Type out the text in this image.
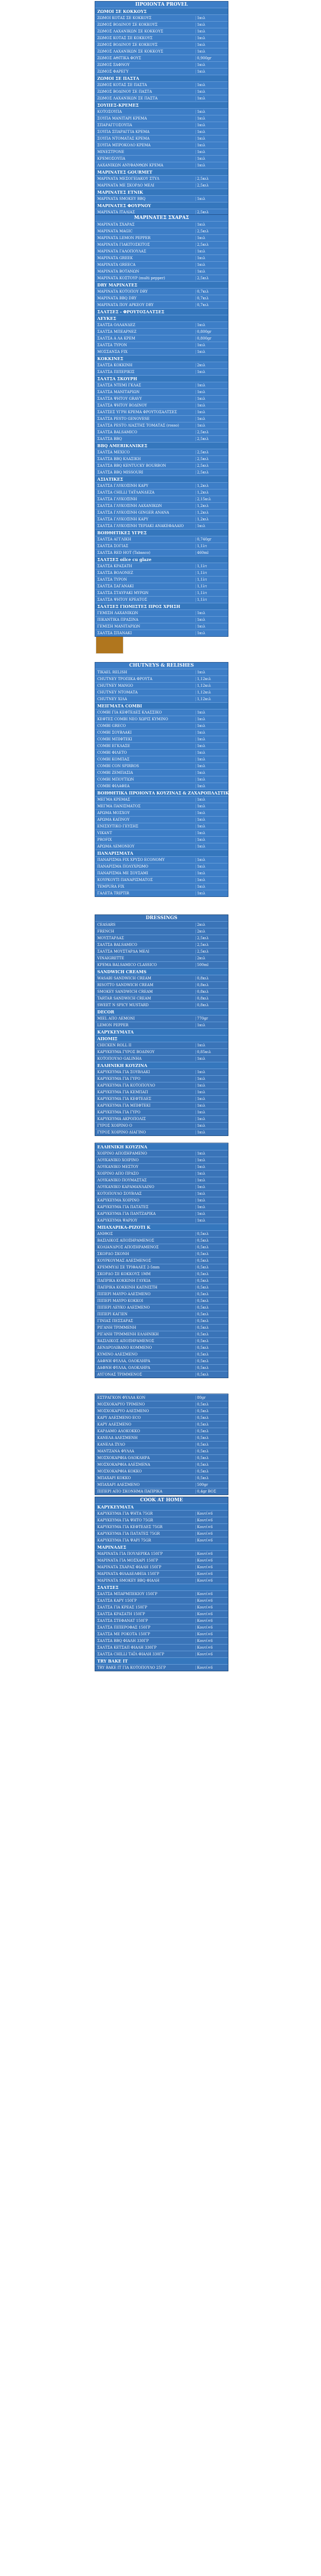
ΠΡΟΙΟΝΤΑ PROVEL
ΖΩΜΟΙ ΣΕ ΚΟΚΚΟΥΣ
ΖΩΜΟΙ ΚΟΤΑΣ ΣΕ ΚΟΚΚΟΥΣ	1κιλ
ΖΩΜΟΣ ΒΟΔΙΝΟΥ ΣΕ ΚΟΚΚΟΥΣ	1κιλ
ΖΩΜΟΣ ΛΑΧΑΝΙΚΩΝ ΣΕ ΚΟΚΚΟΥΣ	1κιλ
ΖΩΜΟΣ ΚΟΤΑΣ ΣΕ ΚΟΚΚΟΥΣ	1κιλ
ΖΩΜΟΣ ΒΟΔΙΝΟΥ ΣΕ ΚΟΚΚΟΥΣ	1κιλ
ΖΩΜΟΣ ΛΑΧΑΝΙΚΩΝ ΣΕ ΚΟΚΚΟΥΣ	1κιλ
ΖΩΜΟΣ ΑΘΙΤΙΚΑ ΦΟΥΣ	0,900gr
ΖΩΜΟΣ ΞΑΦΝΟΥ	1κιλ
ΖΩΜΟΣ ΦΑΡΕΓΥ	1κιλ
ΖΩΜΟΙ ΣΕ ΠΑΣΤΑ
ΖΩΜΟΣ ΚΟΤΑΣ ΣΕ ΠΑΣΤΑ	1κιλ
ΖΩΜΟΣ ΒΟΔΙΝΟΥ ΣΕ ΠΑΣΤΑ	1κιλ
ΖΩΜΟΣ ΛΑΧΑΝΙΚΩΝ ΣΕ ΠΑΣΤΑ	1κιλ
ΣΟΥΠΕΣ-ΚΡΕΜΕΣ
ΚΟΤΟΣΟΥΠΑ	1κιλ
ΣΟΥΠΑ ΜΑΝΙΤΑΡΙ ΚΡΕΜΑ	1κιλ
ΣΠΑΡΑΓΓΟΣΟΥΠΑ	1κιλ
ΣΟΥΠΑ ΣΠΑΡΑΓΓΙΑ ΚΡΕΜΑ	1κιλ
ΣΟΥΠΑ ΝΤΟΜΑΤΑΣ ΚΡΕΜΑ	1κιλ
ΣΟΥΠΑ ΜΠΡΟΚΟΛΟ ΚΡΕΜΑ	1κιλ
ΜΙΝΕΣΤΡΟΝΕ	1κιλ
ΚΡΕΜΟΣΟΥΠΑ	1κιλ
ΛΑΧΑΝΙΚΩΝ ΑΝΥΦΑΝΘΩΝ ΚΡΕΜΑ	1κιλ
ΜΑΡΙΝΑΤΕΣ GOURMET
ΜΑΡΙΝΑΤΑ ΜΕΣΟΓΕΙΑΚΟΥ ΣΤΥΛ	2,5κιλ
ΜΑΡΙΝΑΤΑ ΜΕ ΣΚΟΡΔΟ ΜΕΛΙ	2,5κιλ
ΜΑΡΙΝΑΤΕΣ ΕΤΝΙΚ
ΜΑΡΙΝΑΤΑ SMOKEY BBQ	1κιλ
ΜΑΡΙΝΑΤΕΣ ΦΟΥΡΝΟΥ
ΜΑΡΙΝΑΤΑ ΙΤΑΛΙΑΣ	2,5κιλ
ΜΑΡΙΝΑΤΕΣ ΣΧΑΡΑΣ
ΜΑΡΙΝΑΤΑ ΣΧΑΡΑΣ	1κιλ
ΜΑΡΙΝΑΤΑ MAGIC	2,5κιλ
ΜΑΡΙΝΑΤΑ LEMON PEPPER	1κιλ
ΜΑΡΙΝΑΤΑ ΓΙΑΚΙΤΟΣΚΙΤΟΣ	2,5κιλ
ΜΑΡΙΝΑΤΑ ΓΑΛΟΠΟΥΛΑΣ	1κιλ
ΜΑΡΙΝΑΤΑ GREEK	1κιλ
ΜΑΡΙΝΑΤΑ GREECA	1κιλ
ΜΑΡΙΝΑΤΑ ΒΟΤΑΝΩΝ	1κιλ
ΜΑΡΙΝΑΤΑ ΚΟΣΤΟΥΡ (multi pepper)	2,5κιλ
DRY ΜΑΡΙΝΑΤΕΣ
ΜΑΡΙΝΑΤΑ ΚΟΤΟΠΟΥ DRY	0,7κιλ
ΜΑΡΙΝΑΤΑ BBQ DRY	0,7κιλ
ΜΑΡΙΝΑΤΑ ΠΟΥ ΑΡΚΕΟΥ DRY	0,7κιλ
ΣΑΛΤΣΕΣ - ΦΡΟΥΤΟΣΑΛΤΣΕΣ
ΛΕΥΚΕΣ
ΣΑΛΤΣΑ ΟΛΛΑΝΔΕΖ	1κιλ
ΣΑΛΤΣΑ ΜΠΕΑΡΝΕΖ	0,800gr
ΣΑΛΤΣΑ A ΛΑ ΚΡΕΜ	0,800gr
ΣΑΛΤΣΑ TYPON	1κιλ
ΜΟΣΣΑΝΣΑ FIX	1κιλ
ΚΟΚΚΙΝΕΣ
ΣΑΛΤΣΑ ΚΟΚΚΙΝΗ	2κιλ
ΣΑΛΤΣΑ ΠΙΠΕΡΙΚΙΣ	1κιλ
ΣΑΛΤΣΑ ΣΚΟΥΡΗ
ΣΑΛΤΣΑ ΝΤΕΜΙ ΓΚΛΑΣ	1κιλ
ΣΑΛΤΣΑ ΜΑΝΙΤΑΡΙΩΝ	1κιλ
ΣΑΛΤΣΑ ΨΗΤΟΥ GRAVY	1κιλ
ΣΑΛΤΣΑ ΨΗΤΟΥ ΒΟΔΙΝΟΥ	1κιλ
ΣΑΛΤΣΕΣ ΥΓΡΗ ΚΡΕΜΑ ΦΡΟΥΤΟΣΑΛΤΣΕΣ	1κιλ
ΣΑΛΤΣΑ PESTO GENOVESE	1κιλ
ΣΑΛΤΣΑ PESTO ΛΙΑΣΤΗΣ ΤΟΜΑΤΑΣ (rosso)	1κιλ
ΣΑΛΤΣΑ BALSAMICO	2,5κιλ
ΣΑΛΤΣΑ BBQ	2,5κιλ
BBQ AMERIKANIKEΣ
ΣΑΛΤΣΑ MEXICO	2,5κιλ
ΣΑΛΤΣΑ BBQ ΚΛΑΣΙΚΗ	2,5κιλ
ΣΑΛΤΣΑ BBQ KENTUCKY BOURBON	2,5κιλ
ΣΑΛΤΣΑ BBQ MISSOURI	2,5κιλ
ΑΣΙΑΤΙΚΕΣ
ΣΑΛΤΣΑ ΓΛΥΚΟΞΙΝΗ ΚΑΡΥ	1,2κιλ
ΣΑΛΤΣΑ CHILLI ΤΑΫΛΑΝΔΕΖΑ	1,2κιλ
ΣΑΛΤΣΑ ΓΛΥΚΟΞΙΝΗ	2,15κιλ
ΣΑΛΤΣΑ ΓΛΥΚΟΞΙΝΗ ΛΑΧΑΝΙΚΩΝ	1,2κιλ
ΣΑΛΤΣΑ ΓΛΥΚΟΞΙΝΗ GINGER ΑΝΑΝΑ	1,2κιλ
ΣΑΛΤΣΑ ΓΛΥΚΟΞΙΝΗ ΚΑΡΥ	1,2κιλ
ΣΑΛΤΣΑ ΓΛΥΚΟΞΙΝΗ ΤΕΡΙΑΚΙ ΑΝΑΚΕΦΑΛΑΙΟ	1κιλ
ΒΟΗΘΗΤΙΚΕΣ ΥΓΡΕΣ
ΣΑΛΤΣΑ ΑΓΓΛΙΚΗ	0,740gr
ΣΑΛΤΣΑ ΣΟΓΙΑΣ	1,1λτ
ΣΑΛΤΣΑ RED HOT (Tabasco)	460ml
ΣΑΛΤΣΕΣ oilce cu glaze
ΣΑΛΤΣΑ ΚΡΑΣΑΤΗ	1,1λτ
ΣΑΛΤΣΑ ΒΟΛΟΝΕΖ	1,1λτ
ΣΑΛΤΣΑ TYPON	1,1λτ
ΣΑΛΤΣΑ ΣΑΓΑΝΑΚΙ	1,1λτ
ΣΑΛΤΣΑ ΣΤΑΥΡΑΚΙ ΜΥΡΩΝ	1,1λτ
ΣΑΛΤΣΑ ΨΗΤΟΥ ΚΡΕΑΤΟΣ	1,1λτ
ΣΑΛΤΣΕΣ ΓΙΟΜΙΣΤΕΣ ΠΡΟΣ ΧΡΗΣΗ
ΓΕΜΙΣΗ ΛΑΧΑΝΙΚΩΝ	1κιλ
ΠΙΚΑΝΤΙΚΑ ΠΡΑΣΙΝΑ	1κιλ
ΓΕΜΙΣΗ ΜΑΝΙΤΑΡΙΩΝ	1κιλ
ΣΑΛΤΣΑ ΣΠΑΝΑΚΙ	1κιλ
CHUTNEYS & RELISHES
TIKAEL RELISH	1κιλ
CHUTNEY ΤΡΟΠΙΚΑ ΦΡΟΥΤΑ	1,12κιλ
CHUTNEY MANGO	1,12κιλ
CHUTNEY ΝΤΟΜΑΤΑ	1,12κιλ
CHUTNEY ΧΙΛΑ	1,12κιλ
ΜΕΙΓΜΑΤΑ COMBI
COMBI ΓΙΑ ΚΕΦΤΕΔΕΣ ΚΛΑΣΣΙΚΟ	1κιλ
ΚΕΦΤΕΣ COMBI ΝΕΟ ΧΩΡΙΣ ΚΥΜΙΝΟ	1κιλ
COMBI GRECO	1κιλ
COMBI ΣΟΥΒΛΑΚΙ	1κιλ
COMBI ΜΠΙΦΤΕΚΙ	1κιλ
COMBI ΕΓΚΛΑΣΕ	1κιλ
COMBI ΦΙΛΕΤΟ	1κιλ
COMBI ΚΟΜΠΑΣ	1κιλ
COMBI CON SPIRROS	1κιλ
COMBI ΖΕΜΠΑΣΙΑ	1κιλ
COMBI ΜΠΟΥΤΙΩΝ	1κιλ
COMBI ΦΙΛΑΦΕΑ	1κιλ
ΒΟΗΘΗΤΙΚΑ ΠΡΟΙΟΝΤΑ ΚΟΥΖΙΝΑΣ & ΖΑΧΑΡΟΠΛΑΣΤΙΚΗΣ
ΜΕΓΜΑ ΚΡΕΜΑΣ	1κιλ
ΜΕΓΜΑ ΠΑΝΙΣΜΑΤΟΣ	1κιλ
ΑΡΩΜΑ ΜΟΣΧΟΥ	1κιλ
ΑΡΩΜΑ ΚΑΠΝΟΥ	1κιλ
ΕΝΙΣΧΥΤΙΚΟ ΓΕΥΣΗΣ	1κιλ
VIKANT	1κιλ
PROFIX	1κιλ
ΑΡΩΜΑ ΛΕΜΟΝΙΟΥ	1κιλ
ΠΑΝΑΡΙΣΜΑΤΑ
ΠΑΝΑΡΙΣΜΑ FIX ΧΡΥΣΟ ECONOMY	1κιλ
ΠΑΝΑΡΙΣΜΑ ΠΟΛΥΧΡΩΜΟ	1κιλ
ΠΑΝΑΡΙΣΜΑ ΜΕ ΣΟΥΣΑΜΙ	1κιλ
ΚΟΥΡΚΟΥΤΙ ΠΑΝΑΡΙΣΜΑΤΟΣ	1κιλ
TEMPURA FIX	1κιλ
ΓΑΛΕΤΑ TRIPTIR	1κιλ
DRESSINGS
CEASARS	2κιλ
FRENCH	2κιλ
ΜΟΥΣΤΑΡΔΑΣ	2,5κιλ
ΣΑΛΤΣΑ BALSAMICO	2,5κιλ
ΣΑΛΤΣΑ ΜΟΥΣΤΑΡΔΑ ΜΕΛΙ	2,5κιλ
VINAIGRETTE	2κιλ
ΚΡΕΜΑ BALSAMICO CLASSICO	500ml
SANDWICH CREAMS
WASABI SANDWICH CREAM	0,8κιλ
RISOTTO SANDWICH CREAM	0,8κιλ
SMOKEY SANDWICH CREAM	0,8κιλ
TARTAR SANDWICH CREAM	0,8κιλ
SWEET N SPICY MUSTARD	0,8κιλ
DECOR
MIEL ΑΠΟ ΛΕΜΟΝΙ	770gr
LEMON PEPPER	1κιλ
ΚΑΡΥΚΕΥΜΑΤΑ
ΑΠΟΜΙΞ
CHICKEN ROLL II	1κιλ
ΚΑΡΥΚΕΥΜΑ ΓΥΡΟΣ ΒΟΔΙΝΟΥ	0,85κιλ
ΚΟΤΟΠΟΥΛΟ GALINHA	1κιλ
ΕΛΛΗΝΙΚΗ ΚΟΥΖΙΝΑ
ΚΑΡΥΚΕΥΜΑ ΓΙΑ ΣΟΥΒΛΑΚΙ	1κιλ
ΚΑΡΥΚΕΥΜΑ ΓΙΑ ΓΥΡΟ	1κιλ
ΚΑΡΥΚΕΥΜΑ ΓΙΑ ΚΟΤΟΠΟΥΛΟ	1κιλ
ΚΑΡΥΚΕΥΜΑ ΓΙΑ ΚΕΜΠΑΠ	1κιλ
ΚΑΡΥΚΕΥΜΑ ΓΙΑ ΚΕΦΤΕΔΕΣ	1κιλ
ΚΑΡΥΚΕΥΜΑ ΓΙΑ ΜΠΙΦΤΕΚΙ	1κιλ
ΚΑΡΥΚΕΥΜΑ ΓΙΑ ΓΥΡΟ	1κιλ
ΚΑΡΥΚΕΥΜΑ ΑΚΡΟΠΟΛΙΣ	1κιλ
ΓΥΡΟΣ ΧΟΙΡΙΝΟ Ο	1κιλ
ΓΥΡΟΣ ΧΟΙΡΙΝΟ ΔΙΑΓΙΝΟ	1κιλ
ΕΛΛΗΝΙΚΗ ΚΟΥΖΙΝΑ
ΧΟΙΡΙΝΟ ΑΠΟΞΗΡΑΜΕΝΟ	1κιλ
ΛΟΥΚΑΝΙΚΟ ΧΟΙΡΙΝΟ	1κιλ
ΛΟΥΚΑΝΙΚΟ ΜΕΣΤΟΥ	1κιλ
ΧΟΙΡΙΝΟ ΑΠΟ ΠΡΑΣΟ	1κιλ
ΛΟΥΚΑΝΙΚΟ ΠΟΥΜΑΣΤΑΣ	1κιλ
ΛΟΥΚΑΝΙΚΟ ΚΑΡΑΜΑΝΛΑΙΝΟ	1κιλ
ΚΟΤΟΠΟΥΛΟ ΣΟΥΒΛΑΣ	1κιλ
ΚΑΡΥΚΕΥΜΑ ΧΟΙΡΙΝΟ	1κιλ
ΚΑΡΥΚΕΥΜΑ ΓΙΑ ΠΑΤΑΤΕΣ	1κιλ
ΚΑΡΥΚΕΥΜΑ ΓΙΑ ΠΑΝΤΖΑΡΙΚΑ	1κιλ
ΚΑΡΥΚΕΥΜΑ ΨΑΡΙΟΥ	1κιλ
ΜΠΑΧΑΡΙΚΑ-ΡΙΖΟΤΙ Κ
ΑΝΙΘΟΣ	0,5κιλ
ΒΑΣΙΛΙΚΟΣ ΑΠΟΞΗΡΑΜΕΝΟΣ	0,5κιλ
ΚΟΛΙΑΝΔΡΟΣ ΑΠΟΞΗΡΑΜΕΝΟΣ	0,5κιλ
ΣΚΟΡΔΟ ΣΚΟΝΗ	0,5κιλ
ΚΟΥΡΚΟΥΜΑΣ ΑΛΕΣΜΕΝΟΣ	0,5κιλ
ΚΡΕΜΜΥΔΙ ΣΕ ΤΡΙΦΑΛΕΣ 2-5mm	0,5κιλ
ΣΚΟΡΔΟ ΣΕ ΚΟΚΚΟΥΣ 1MM	0,5κιλ
ΠΑΠΡΙΚΑ ΚΟΚΚΙΝΗ ΓΛΥΚΙΑ	0,5κιλ
ΠΑΠΡΙΚΑ ΚΟΚΚΙΝΗ ΚΑΠΝΙΣΤΗ	0,5κιλ
ΠΙΠΕΡΙ ΜΑΥΡΟ ΑΛΕΣΜΕΝΟ	0,5κιλ
ΠΙΠΕΡΙ ΜΑΥΡΟ ΚΟΚΚΟΙ	0,5κιλ
ΠΙΠΕΡΙ ΛΕΥΚΟ ΑΛΕΣΜΕΝΟ	0,5κιλ
ΠΙΠΕΡΙ ΚΑΓΙΕΝ	0,5κιλ
ΓΙΝΙΑΣ ΠΕΣΣΑΡΑΣ	0,5κιλ
ΡΙΓΑΝΗ ΤΡΙΜΜΕΝΗ	0,5κιλ
ΡΙΓΑΝΗ ΤΡΙΜΜΕΝΗ ΕΛΛΗΝΙΚΗ	0,5κιλ
ΒΑΣΙΛΙΚΟΣ ΑΠΟΞΗΡΑΜΕΝΟΣ	0,5κιλ
ΔΕΝΔΡΟΛΙΒΑΝΟ ΚΟΜΜΕΝΟ	0,5κιλ
ΚΥΜΙΝΟ ΑΛΕΣΜΕΝΟ	0,5κιλ
ΔΑΦΝΗ ΦΥΛΛΑ, ΟΛΟΚΛΗΡΑ	0,5κιλ
ΔΑΦΝΗ ΦΥΛΛΑ, ΟΛΟΚΛΗΡΑ	0,5κιλ
ΑΥΓΟΝΑΣ ΤΡΙΜΜΕΝΟΣ	0,5κιλ
ΕΣΤΡΑΓΚΟΝ ΦΥΛΛΑ ΚΟΝ	80gr
ΜΟΣΧΟΚΑΡΥΟ ΤΡΙΜΕΝΟ	0,5κιλ
ΜΟΣΧΟΚΑΡΥΟ ΑΛΕΣΜΕΝΟ	0,5κιλ
ΚΑΡΥ ΑΛΕΣΜΕΝΟ ECO	0,5κιλ
ΚΑΡΥ ΑΛΕΣΜΕΝΟ	0,5κιλ
ΚΑΡΔΑΜΟ ΑΛΟΚΟΚΚΟ	0,5κιλ
ΚΑΝΕΛΑ ΑΛΕΣΜΕΝΗ	0,5κιλ
ΚΑΝΕΛΑ ΞΥΛΟ	0,5κιλ
ΜΑΝΤΖΑΝΑ ΦΥΛΛΑ	0,5κιλ
ΜΟΣΧΟΚΑΡΦΙΑ ΟΛΟΚΛΗΡΑ	0,5κιλ
ΜΟΣΧΟΚΑΡΦΙΑ ΑΛΕΣΜΕΝΑ	0,5κιλ
ΜΟΣΧΟΚΑΡΦΙΑ ΚΟΚΚΟ	0,5κιλ
ΜΠΑΧΑΡΙ ΚΟΚΚΟ	0,5κιλ
ΜΠΑΧΑΡΙ ΑΛΕΣΜΕΝΟ	500gr
ΠΙΠΕΡΙ ΑΠΟ ΣΚΟΝΗΜΑ ΠΑΠΡΙΚΑ	0,4gr ΒΟΣ
COOK AT HOME
ΚΑΡΥΚΕΥΜΑΤΑ
ΚΑΡΥΚΕΥΜΑ ΓΙΑ ΨΗΤΑ 75GR	Κουτί×6
ΚΑΡΥΚΕΥΜΑ ΓΙΑ ΨΗΤΟ 75GR	Κουτί×6
ΚΑΡΥΚΕΥΜΑ ΓΙΑ ΚΕΦΤΕΔΕΣ 75GR	Κουτί×6
ΚΑΡΥΚΕΥΜΑ ΓΙΑ ΠΑΤΑΤΕΣ 75GR	Κουτί×6
ΚΑΡΥΚΕΥΜΑ ΓΙΑ ΨΑΡΙ 75GR	Κουτί×6
ΜΑΡΙΝΑΔΕΣ
ΜΑΡΙΝΑΤΑ ΓΙΑ ΠΟΥΛΕΡΙΚΑ 150ΓΡ	Κουτί×6
ΜΑΡΙΝΑΤΑ ΓΙΑ ΜΟΣΧΑΡΙ 150ΓΡ	Κουτί×6
ΜΑΡΙΝΑΤΑ ΣΧΑΡΑΣ ΦΙΑΛΗ 150ΓΡ	Κουτί×6
ΜΑΡΙΝΑΤΑ ΦΙΛΑΔΕΛΦΕΙΑ 150ΓΡ	Κουτί×6
ΜΑΡΙΝΑΤΑ SMOKEY BBQ ΦΙΑΛΗ	Κουτί×6
ΣΑΛΤΣΕΣ
ΣΑΛΤΣΑ ΜΠΑΡΜΠΕΚΙΟΥ 150ΓΡ	Κουτί×6
ΣΑΛΤΣΑ ΚΑΡΥ 150ΓΡ	Κουτί×6
ΣΑΛΤΣΑ ΓΙΑ ΚΡΕΑΣ 150ΓΡ	Κουτί×6
ΣΑΛΤΣΑ ΚΡΑΣΑΤΗ 150ΓΡ	Κουτί×6
ΣΑΛΤΣΑ ΣΤΕΦΑΝΑΤ 150ΓΡ	Κουτί×6
ΣΑΛΤΣΑ ΠΙΠΕΡΟΦΑΣ 150ΓΡ	Κουτί×6
ΣΑΛΤΣΑ ΜΕ ΡΟΚΟΤΑ 150ΓΡ	Κουτί×6
ΣΑΛΤΣΑ BBQ ΦΙΑΛΗ 330ΓΡ	Κουτί×6
ΣΑΛΤΣΑ ΚΕΤΣΑΠ ΦΙΑΛΗ 330ΓΡ	Κουτί×6
ΣΑΛΤΣΑ CHILLI ΤΑΪΛ ΦΙΑΛΗ 330ΓΡ	Κουτί×6
TRY BAKE IT
TRY BAKE IT ΓΙΑ ΚΟΤΟΠΟΥΛΟ 25ΓΡ	Κουτί×6
